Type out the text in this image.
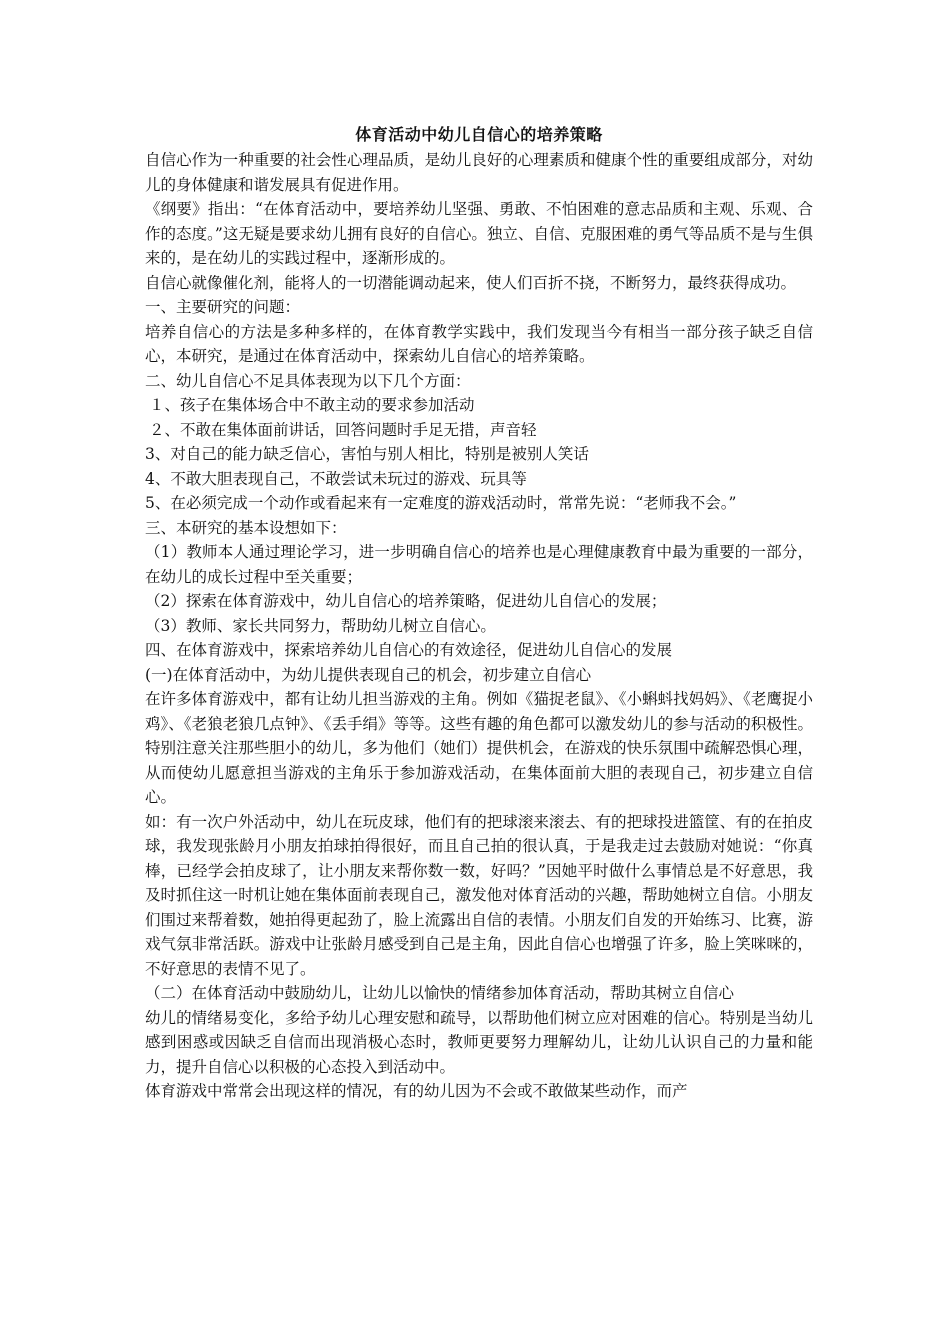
体育活动中幼儿自信心的培养策略

自信心作为一种重要的社会性心理品质，是幼儿良好的心理素质和健康个性的重要组成部分，对幼儿的身体健康和谐发展具有促进作用。

《纲要》指出：“在体育活动中，要培养幼儿坚强、勇敢、不怕困难的意志品质和主观、乐观、合作的态度。”这无疑是要求幼儿拥有良好的自信心。独立、自信、克服困难的勇气等品质不是与生俱来的，是在幼儿的实践过程中，逐渐形成的。

自信心就像催化剂，能将人的一切潜能调动起来，使人们百折不挠，不断努力，最终获得成功。

一、主要研究的问题：

培养自信心的方法是多种多样的，在体育教学实践中，我们发现当今有相当一部分孩子缺乏自信心，本研究，是通过在体育活动中，探索幼儿自信心的培养策略。

二、幼儿自信心不足具体表现为以下几个方面：

１、孩子在集体场合中不敢主动的要求参加活动

２、不敢在集体面前讲话，回答问题时手足无措，声音轻

3、对自己的能力缺乏信心，害怕与别人相比，特别是被别人笑话

4、不敢大胆表现自己，不敢尝试未玩过的游戏、玩具等

5、在必须完成一个动作或看起来有一定难度的游戏活动时，常常先说：“老师我不会。”

三、本研究的基本设想如下：

（1）教师本人通过理论学习，进一步明确自信心的培养也是心理健康教育中最为重要的一部分，在幼儿的成长过程中至关重要；

（2）探索在体育游戏中，幼儿自信心的培养策略，促进幼儿自信心的发展；

（3）教师、家长共同努力，帮助幼儿树立自信心。

四、在体育游戏中，探索培养幼儿自信心的有效途径，促进幼儿自信心的发展

(一)在体育活动中，为幼儿提供表现自己的机会，初步建立自信心

在许多体育游戏中，都有让幼儿担当游戏的主角。例如《猫捉老鼠》、《小蝌蚪找妈妈》、《老鹰捉小鸡》、《老狼老狼几点钟》、《丢手绢》等等。这些有趣的角色都可以激发幼儿的参与活动的积极性。特别注意关注那些胆小的幼儿，多为他们（她们）提供机会，在游戏的快乐氛围中疏解恐惧心理，从而使幼儿愿意担当游戏的主角乐于参加游戏活动，在集体面前大胆的表现自己，初步建立自信心。

如：有一次户外活动中，幼儿在玩皮球，他们有的把球滚来滚去、有的把球投进篮筐、有的在拍皮球，我发现张龄月小朋友拍球拍得很好，而且自己拍的很认真，于是我走过去鼓励对她说：“你真棒，已经学会拍皮球了，让小朋友来帮你数一数，好吗？”因她平时做什么事情总是不好意思，我及时抓住这一时机让她在集体面前表现自己，激发他对体育活动的兴趣，帮助她树立自信。小朋友们围过来帮着数，她拍得更起劲了，脸上流露出自信的表情。小朋友们自发的开始练习、比赛，游戏气氛非常活跃。游戏中让张龄月感受到自己是主角，因此自信心也增强了许多，脸上笑咪咪的，不好意思的表情不见了。

（二）在体育活动中鼓励幼儿，让幼儿以愉快的情绪参加体育活动，帮助其树立自信心

幼儿的情绪易变化，多给予幼儿心理安慰和疏导，以帮助他们树立应对困难的信心。特别是当幼儿感到困惑或因缺乏自信而出现消极心态时，教师更要努力理解幼儿，让幼儿认识自己的力量和能力，提升自信心以积极的心态投入到活动中。

体育游戏中常常会出现这样的情况，有的幼儿因为不会或不敢做某些动作，而产
